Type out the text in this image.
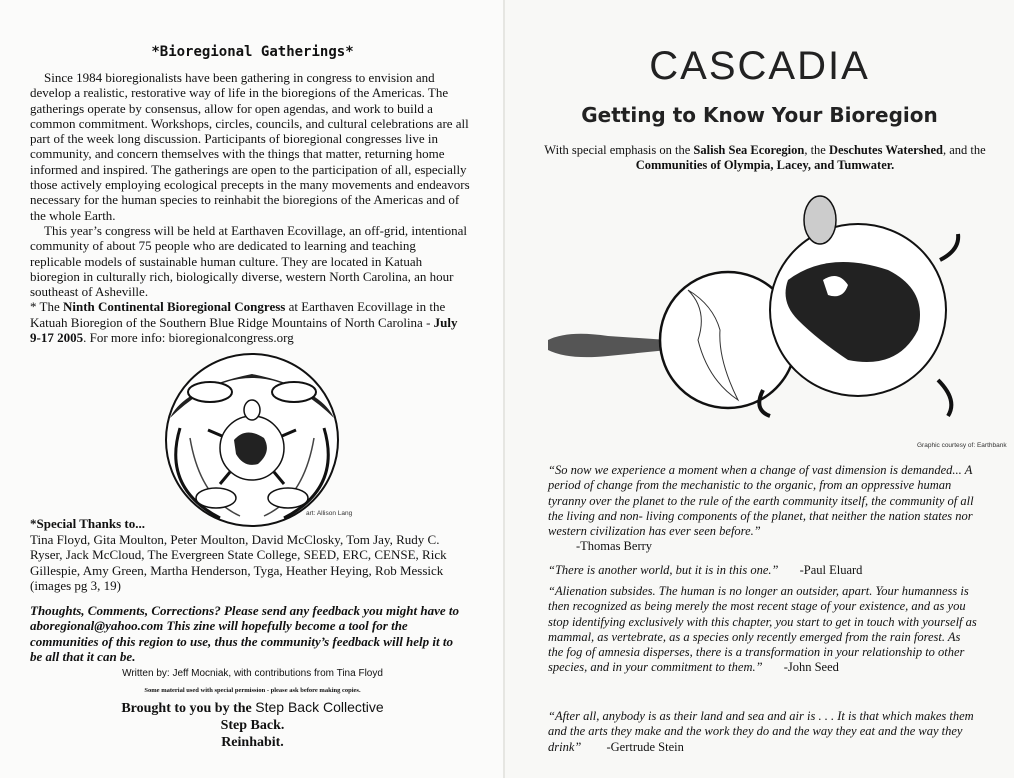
*Bioregional Gatherings*

Since 1984 bioregionalists have been gathering in congress to envision and develop a realistic, restorative way of life in the bioregions of the Americas. The gatherings operate by consensus, allow for open agendas, and work to build a common commitment. Workshops, circles, councils, and cultural celebrations are all part of the week long discussion. Participants of bioregional congresses live in community, and concern themselves with the things that matter, returning home informed and inspired. The gatherings are open to the participation of all, especially those actively employing ecological precepts in the many movements and endeavors necessary for the human species to reinhabit the bioregions of the Americas and of the whole Earth.

This year’s congress will be held at Earthaven Ecovillage, an off-grid, intentional community of about 75 people who are dedicated to learning and teaching replicable models of sustainable human culture. They are located in Katuah bioregion in culturally rich, biologically diverse, western North Carolina, an hour southeast of Asheville.

* The Ninth Continental Bioregional Congress at Earthaven Ecovillage in the Katuah Bioregion of the Southern Blue Ridge Mountains of North Carolina - July 9-17 2005. For more info: bioregionalcongress.org

art: Allison Lang
*Special Thanks to...
Tina Floyd, Gita Moulton, Peter Moulton, David McClosky, Tom Jay, Rudy C. Ryser, Jack McCloud, The Evergreen State College, SEED, ERC, CENSE, Rick Gillespie, Amy Green, Martha Henderson, Tyga, Heather Heying, Rob Messick (images pg 3, 19)
Thoughts, Comments, Corrections? Please send any feedback you might have to aboregional@yahoo.com This zine will hopefully become a tool for the communities of this region to use, thus the community’s feedback will help it to be all that it can be.
Written by: Jeff Mocniak, with contributions from Tina Floyd
Some material used with special permission - please ask before making copies.
Brought to you by the Step Back Collective
Step Back.
Reinhabit.
CASCADIA
Getting to Know Your Bioregion
With special emphasis on the Salish Sea Ecoregion, the Deschutes Watershed, and the Communities of Olympia, Lacey, and Tumwater.
Graphic courtesy of: Earthbank
“So now we experience a moment when a change of vast dimension is demanded... A period of change from the mechanistic to the organic, from an oppressive human tyranny over the planet to the rule of the earth community itself, the community of all the living and non- living components of the planet, that neither the nation states nor western civilization has ever seen before.”
-Thomas Berry
“There is another world, but it is in this one.” -Paul Eluard
“Alienation subsides. The human is no longer an outsider, apart. Your humanness is then recognized as being merely the most recent stage of your existence, and as you stop identifying exclusively with this chapter, you start to get in touch with yourself as mammal, as vertebrate, as a species only recently emerged from the rain forest. As the fog of amnesia disperses, there is a transformation in your relationship to other species, and in your commitment to them.” -John Seed
“After all, anybody is as their land and sea and air is . . . It is that which makes them and the arts they make and the work they do and the way they eat and the way they drink” -Gertrude Stein
